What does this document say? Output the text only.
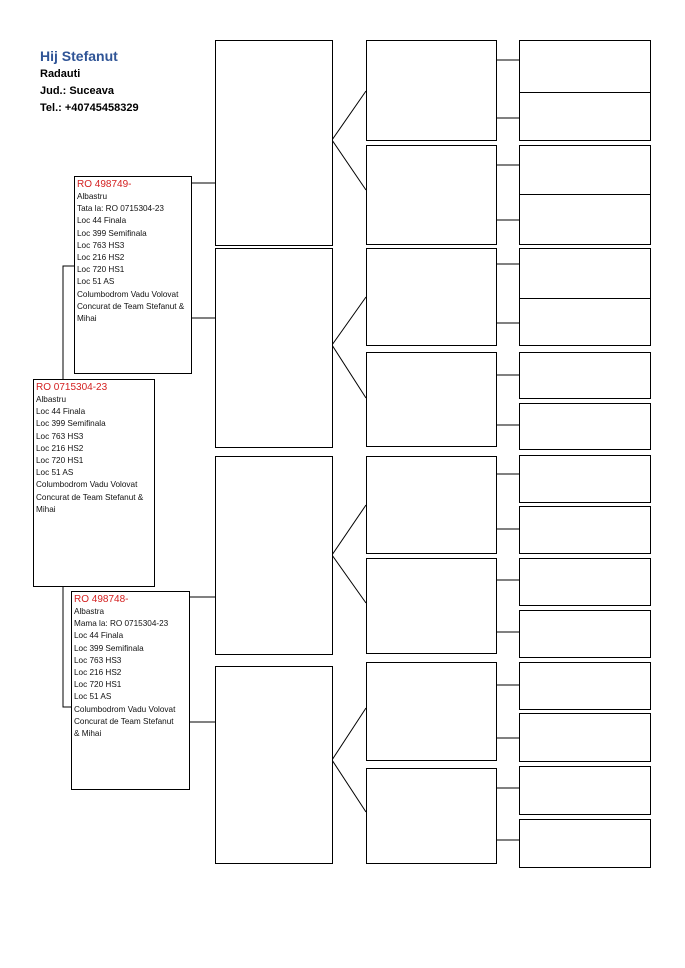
Hij Stefanut
Radauti
Jud.: Suceava
Tel.: +40745458329
RO 0715304-23
Albastru
Loc 44 Finala
Loc 399 Semifinala
Loc 763 HS3
Loc 216 HS2
Loc 720 HS1
Loc 51 AS
Columbodrom Vadu Volovat
Concurat de Team Stefanut &
Mihai
RO 498749-
Albastru
Tata la: RO 0715304-23
Loc 44 Finala
Loc 399 Semifinala
Loc 763 HS3
Loc 216 HS2
Loc 720 HS1
Loc 51 AS
Columbodrom Vadu Volovat
Concurat de Team Stefanut &
Mihai
RO 498748-
Albastra
Mama la: RO 0715304-23
Loc 44 Finala
Loc 399 Semifinala
Loc 763 HS3
Loc 216 HS2
Loc 720 HS1
Loc 51 AS
Columbodrom Vadu Volovat
Concurat de Team Stefanut
& Mihai
